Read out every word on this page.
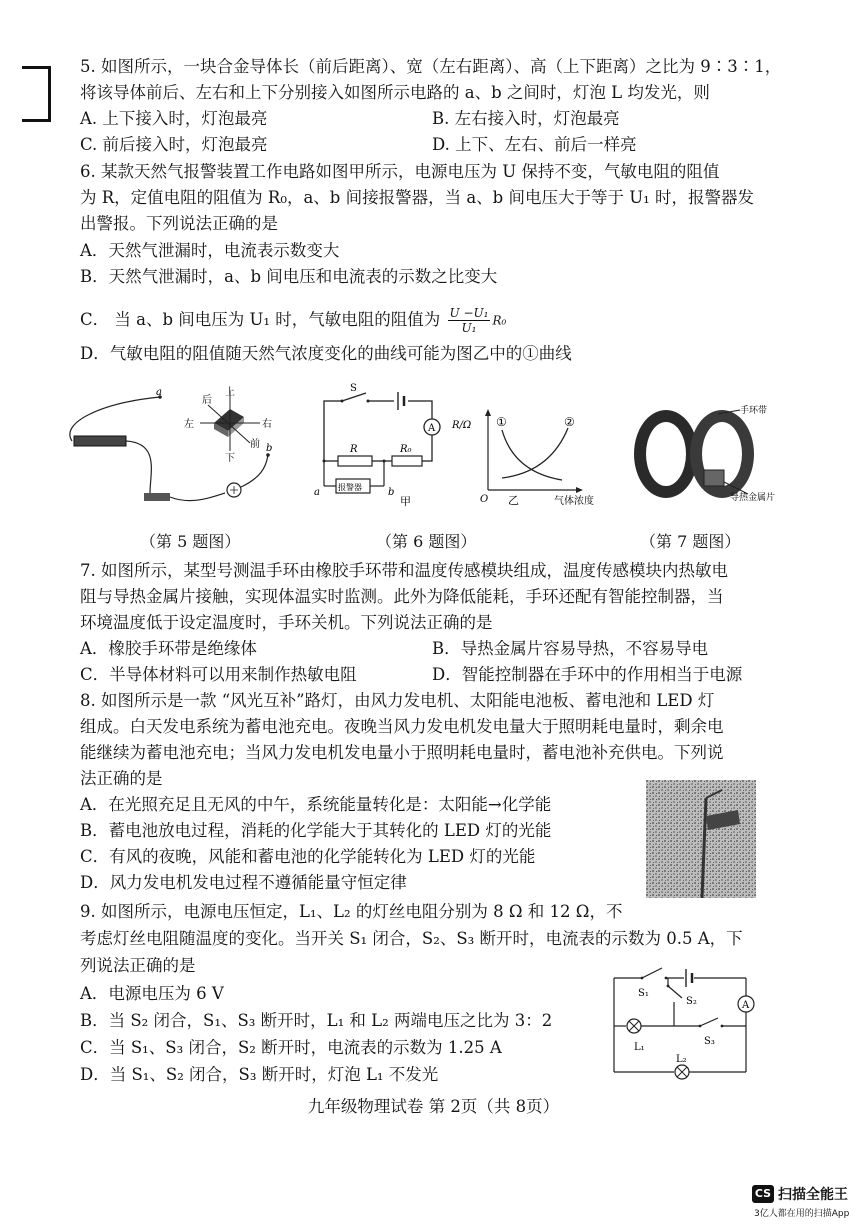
5. 如图所示，一块合金导体长（前后距离）、宽（左右距离）、高（上下距离）之比为 9∶3∶1，
将该导体前后、左右和上下分别接入如图所示电路的 a、b 之间时，灯泡 L 均发光，则
A. 上下接入时，灯泡最亮	B. 左右接入时，灯泡最亮
C. 前后接入时，灯泡最亮	D. 上下、左右、前后一样亮
6. 某款天然气报警装置工作电路如图甲所示，电源电压为 U 保持不变，气敏电阻的阻值
为 R，定值电阻的阻值为 R₀，a、b 间接报警器，当 a、b 间电压大于等于 U₁ 时，报警器发
出警报。下列说法正确的是
A．天然气泄漏时，电流表示数变大
B．天然气泄漏时，a、b 间电压和电流表的示数之比变大
C． 当 a、b 间电压为 U₁ 时，气敏电阻的阻值为 $\frac{\text{U −U₁}}{\text{U₁}} R_0$
D．气敏电阻的阻值随天然气浓度变化的曲线可能为图乙中的①曲线
a
b
上
下
左	右
后
前
S
A
R	R₀
报警器
a	b
甲
R/Ω ①	②
O 乙	气体浓度
手环带
导热金属片
（第 5 题图）	（第 6 题图）	（第 7 题图）
7. 如图所示，某型号测温手环由橡胶手环带和温度传感模块组成，温度传感模块内热敏电
阻与导热金属片接触，实现体温实时监测。此外为降低能耗，手环还配有智能控制器，当
环境温度低于设定温度时，手环关机。下列说法正确的是
A．橡胶手环带是绝缘体	B．导热金属片容易导热，不容易导电
C．半导体材料可以用来制作热敏电阻	D．智能控制器在手环中的作用相当于电源
8. 如图所示是一款 “风光互补”路灯，由风力发电机、太阳能电池板、蓄电池和 LED 灯
组成。白天发电系统为蓄电池充电。夜晚当风力发电机发电量大于照明耗电量时，剩余电
能继续为蓄电池充电；当风力发电机发电量小于照明耗电量时，蓄电池补充供电。下列说
法正确的是
A．在光照充足且无风的中午，系统能量转化是：太阳能→化学能
B．蓄电池放电过程，消耗的化学能大于其转化的 LED 灯的光能
C．有风的夜晚，风能和蓄电池的化学能转化为 LED 灯的光能
D．风力发电机发电过程不遵循能量守恒定律
9. 如图所示，电源电压恒定，L₁、L₂ 的灯丝电阻分别为 8 Ω 和 12 Ω，不
考虑灯丝电阻随温度的变化。当开关 S₁ 闭合，S₂、S₃ 断开时，电流表的示数为 0.5 A，下
列说法正确的是
A．电源电压为 6 V
B．当 S₂ 闭合，S₁、S₃ 断开时，L₁ 和 L₂ 两端电压之比为 3：2
C．当 S₁、S₃ 闭合，S₂ 断开时，电流表的示数为 1.25 A
D．当 S₁、S₂ 闭合，S₃ 断开时，灯泡 L₁ 不发光
A
S₁
S₂
L₁
S₃
L₂
九年级物理试卷 第 2页（共 8页）
CS 扫描全能王
3亿人都在用的扫描App
